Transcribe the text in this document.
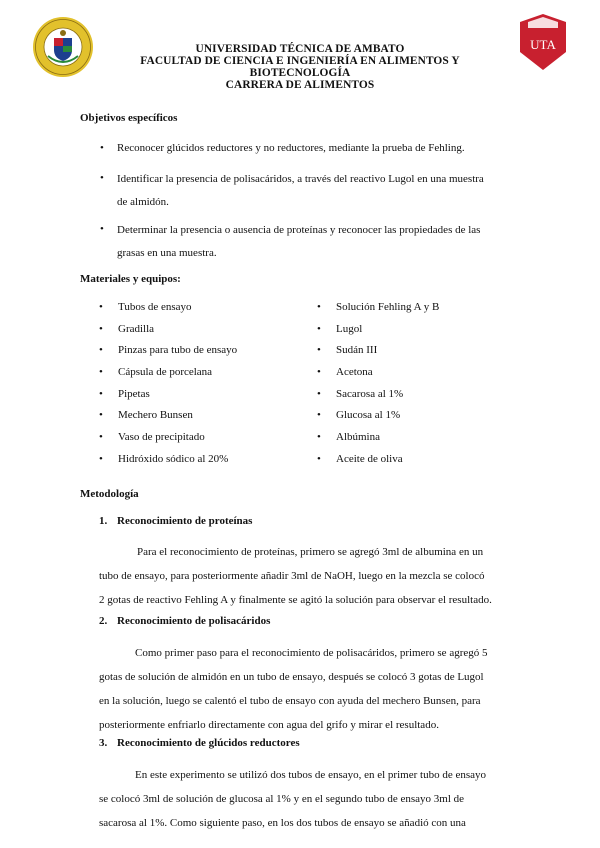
UTA
UNIVERSIDAD TÉCNICA DE AMBATO
FACULTAD DE CIENCIA E INGENIERÍA EN ALIMENTOS Y
BIOTECNOLOGÍA
CARRERA DE ALIMENTOS
Objetivos específicos
• Reconocer glúcidos reductores y no reductores, mediante la prueba de Fehling.
• Identificar la presencia de polisacáridos, a través del reactivo Lugol en una muestra
de almidón.
• Determinar la presencia o ausencia de proteínas y reconocer las propiedades de las
grasas en una muestra.
Materiales y equipos:
• Tubos de ensayo
• Gradilla
• Pinzas para tubo de ensayo
• Cápsula de porcelana
• Pipetas
• Mechero Bunsen
• Vaso de precipitado
• Hidróxido sódico al 20%
• Solución Fehling A y B
• Lugol
• Sudán III
• Acetona
• Sacarosa al 1%
• Glucosa al 1%
• Albúmina
• Aceite de oliva
Metodología
1. Reconocimiento de proteínas
Para el reconocimiento de proteínas, primero se agregó 3ml de albumina en un
tubo de ensayo, para posteriormente añadir 3ml de NaOH, luego en la mezcla se colocó
2 gotas de reactivo Fehling A y finalmente se agitó la solución para observar el resultado.
2. Reconocimiento de polisacáridos
Como primer paso para el reconocimiento de polisacáridos, primero se agregó 5
gotas de solución de almidón en un tubo de ensayo, después se colocó 3 gotas de Lugol
en la solución, luego se calentó el tubo de ensayo con ayuda del mechero Bunsen, para
posteriormente enfriarlo directamente con agua del grifo y mirar el resultado.
3. Reconocimiento de glúcidos reductores
En este experimento se utilizó dos tubos de ensayo, en el primer tubo de ensayo
se colocó 3ml de solución de glucosa al 1% y en el segundo tubo de ensayo 3ml de
sacarosa al 1%. Como siguiente paso, en los dos tubos de ensayo se añadió con una
